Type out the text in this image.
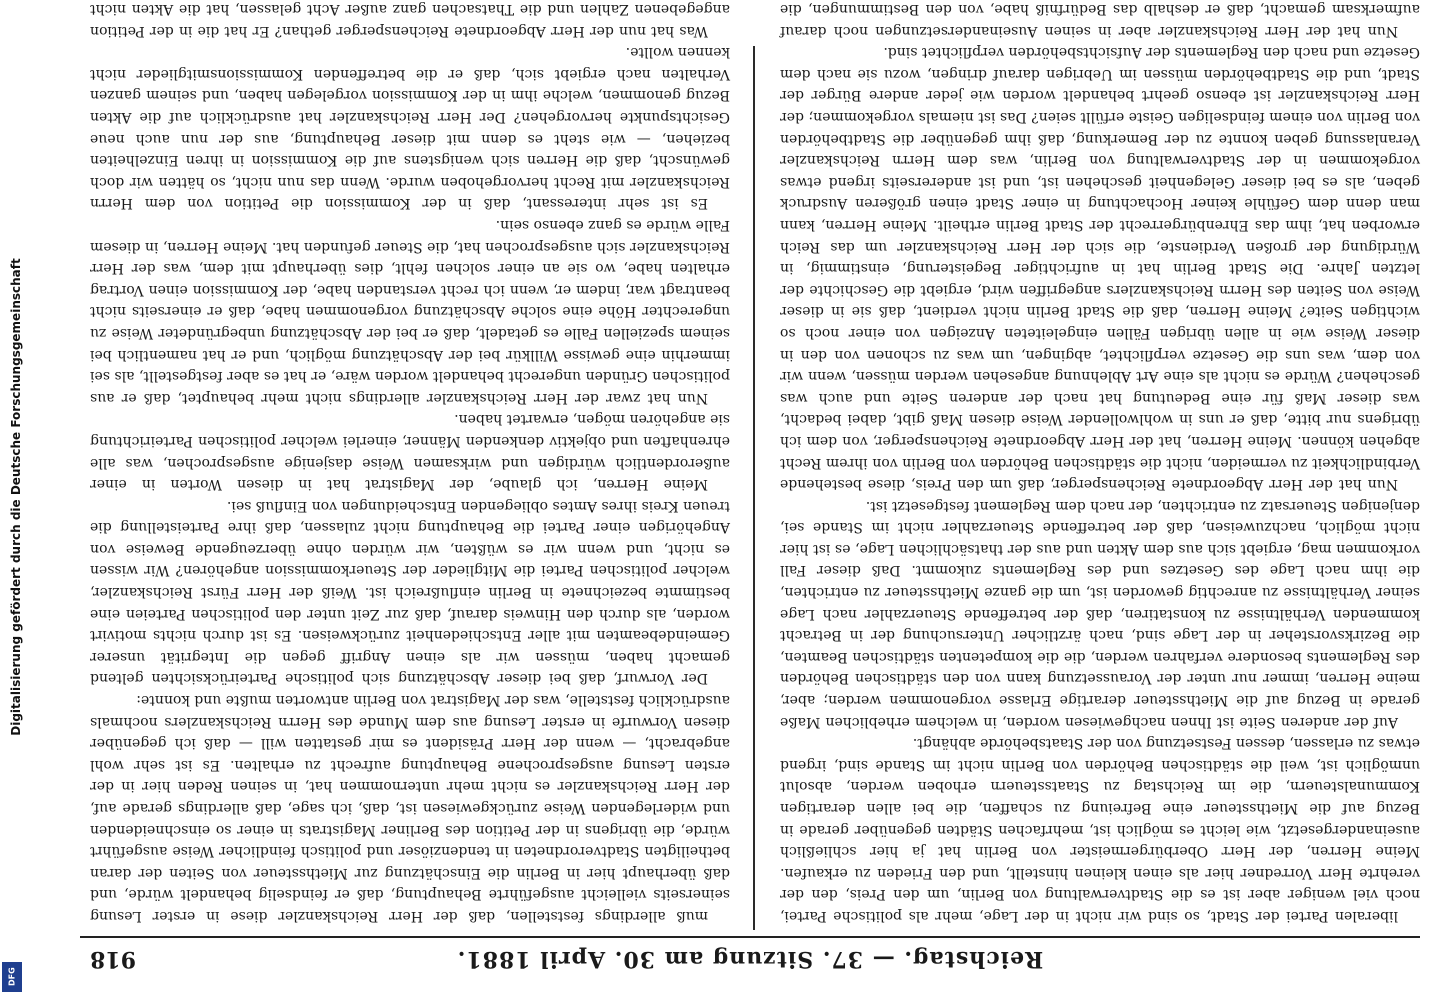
Reichstag. — 37. Sitzung am 30. April 1881.
918

liberalen Partei der Stadt, so sind wir nicht in der Lage, mehr als politische Partei, noch viel weniger aber ist es die Stadtverwaltung von Berlin, um den Preis, den der verehrte Herr Vorredner hier als einen kleinen hinstellt, und den Frieden zu erkaufen. Meine Herren, der Herr Oberbürgermeister von Berlin hat ja hier schließlich auseinandergesetzt, wie leicht es möglich ist, mehrfachen Städten gegenüber gerade in Bezug auf die Miethssteuer eine Befreiung zu schaffen, die bei allen derartigen Kommunalsteuern, die im Reichstag zu Staatssteuern erhoben werden, absolut unmöglich ist, weil die städtischen Behörden von Berlin nicht im Stande sind, irgend etwas zu erlassen, dessen Festsetzung von der Staatsbehörde abhängt.

Auf der anderen Seite ist Ihnen nachgewiesen worden, in welchem erheblichen Maße gerade in Bezug auf die Miethssteuer derartige Erlasse vorgenommen werden; aber, meine Herren, immer nur unter der Voraussetzung kann von den städtischen Behörden des Reglements besondere verfahren werden, die die kompetenten städtischen Beamten, die Bezirksvorsteher in der Lage sind, nach ärztlicher Untersuchung der in Betracht kommenden Verhältnisse zu konstatiren, daß der betreffende Steuerzahler nach Lage seiner Verhältnisse zu anrechtig geworden ist, um die ganze Miethssteuer zu entrichten, die ihm nach Lage des Gesetzes und des Reglements zukommt. Daß dieser Fall vorkommen mag, ergiebt sich aus dem Akten und aus der thatsächlichen Lage, es ist hier nicht möglich, nachzuweisen, daß der betreffende Steuerzahler nicht im Stande sei, denjenigen Steuersatz zu entrichten, der nach dem Reglement festgesetzt ist.

Nun hat der Herr Abgeordnete Reichensperger, daß um den Preis, diese bestehende Verbindlichkeit zu vermeiden, nicht die städtischen Behörden von Berlin von ihrem Recht abgehen können. Meine Herren, hat der Herr Abgeordnete Reichensperger, von dem ich übrigens nur bitte, daß er uns in wohlwollender Weise diesen Maß gibt, dabei bedacht, was dieser Maß für eine Bedeutung hat nach der anderen Seite und auch was geschehen? Würde es nicht als eine Art Ablehnung angesehen werden müssen, wenn wir von dem, was uns die Gesetze verpflichtet, abgingen, um was zu schonen von den in dieser Weise wie in allen übrigen Fällen eingeleiteten Anzeigen von einer noch so wichtigen Seite? Meine Herren, daß die Stadt Berlin nicht verdient, daß sie in dieser Weise von Seiten des Herrn Reichskanzlers angegriffen wird, ergiebt die Geschichte der letzten Jahre. Die Stadt Berlin hat in aufrichtiger Begeisterung, einstimmig, in Würdigung der großen Verdienste, die sich der Herr Reichskanzler um das Reich erworben hat, ihm das Ehrenbürgerrecht der Stadt Berlin ertheilt. Meine Herren, kann man denn dem Gefühle keiner Hochachtung in einer Stadt einen größeren Ausdruck geben, als es bei dieser Gelegenheit geschehen ist, und ist andererseits irgend etwas vorgekommen in der Stadtverwaltung von Berlin, was dem Herrn Reichskanzler Veranlassung geben konnte zu der Bemerkung, daß ihm gegenüber die Stadtbehörden von Berlin von einem feindseligen Geiste erfüllt seien? Das ist niemals vorgekommen; der Herr Reichskanzler ist ebenso geehrt behandelt worden wie jeder andere Bürger der Stadt, und die Stadtbehörden müssen im Uebrigen darauf dringen, wozu sie nach dem Gesetze und nach den Reglements der Aufsichtsbehörden verpflichtet sind.

Nun hat der Herr Reichskanzler aber in seinen Auseinandersetzungen noch darauf aufmerksam gemacht, daß er deshalb das Bedürfniß habe, von den Bestimmungen, die

muß allerdings feststellen, daß der Herr Reichskanzler diese in erster Lesung seinerseits vielleicht ausgeführte Behauptung, daß er feindselig behandelt würde, und daß überhaupt hier in Berlin die Einschätzung zur Miethssteuer von Seiten der daran betheiligten Stadtverordneten in tendenziöser und politisch feindlicher Weise ausgeführt würde, die übrigens in der Petition des Berliner Magistrats in einer so einschneidenden und widerlegenden Weise zurückgewiesen ist, daß, ich sage, daß allerdings gerade auf, der Herr Reichskanzler es nicht mehr unternommen hat, in seinen Reden hier in der ersten Lesung ausgesprochene Behauptung aufrecht zu erhalten. Es ist sehr wohl angebracht, — wenn der Herr Präsident es mir gestatten will — daß ich gegenüber diesen Vorwurfe in erster Lesung aus dem Munde des Herrn Reichskanzlers nochmals ausdrücklich feststelle, was der Magistrat von Berlin antworten mußte und konnte:

Der Vorwurf, daß bei dieser Abschätzung sich politische Parteirücksichten geltend gemacht haben, müssen wir als einen Angriff gegen die Integrität unserer Gemeindebeamten mit aller Entschiedenheit zurückweisen. Es ist durch nichts motivirt worden, als durch den Hinweis darauf, daß zur Zeit unter den politischen Parteien eine bestimmte bezeichnete in Berlin einflußreich ist. Weiß der Herr Fürst Reichskanzler, welcher politischen Partei die Mitglieder der Steuerkommission angehören? Wir wissen es nicht, und wenn wir es wüßten, wir würden ohne überzeugende Beweise von Angehörigen einer Partei die Behauptung nicht zulassen, daß ihre Parteistellung die treuen Kreis ihres Amtes obliegenden Entscheidungen von Einfluß sei.

Meine Herren, ich glaube, der Magistrat hat in diesen Worten in einer außerordentlich würdigen und wirksamen Weise dasjenige ausgesprochen, was alle ehrenhaften und objektiv denkenden Männer, einerlei welcher politischen Parteirichtung sie angehören mögen, erwartet haben.

Nun hat zwar der Herr Reichskanzler allerdings nicht mehr behauptet, daß er aus politischen Gründen ungerecht behandelt worden wäre, er hat es aber festgestellt, als sei immerhin eine gewisse Willkür bei der Abschätzung möglich, und er hat namentlich bei seinem speziellen Falle es getadelt, daß er bei der Abschätzung unbegründeter Weise zu ungerechter Höhe eine solche Abschätzung vorgenommen habe, daß er einerseits nicht beantragt war, indem er, wenn ich recht verstanden habe, der Kommission einen Vortrag erhalten habe, wo sie an einer solchen fehlt, dies überhaupt mit dem, was der Herr Reichskanzler sich ausgesprochen hat, die Steuer gefunden hat. Meine Herren, in diesem Falle würde es ganz ebenso sein.

Es ist sehr interessant, daß in der Kommission die Petition von dem Herrn Reichskanzler mit Recht hervorgehoben wurde. Wenn das nun nicht, so hätten wir doch gewünscht, daß die Herren sich wenigstens auf die Kommission in ihren Einzelheiten beziehen, — wie steht es denn mit dieser Behauptung, aus der nun auch neue Gesichtspunkte hervorgehen? Der Herr Reichskanzler hat ausdrücklich auf die Akten Bezug genommen, welche ihm in der Kommission vorgelegen haben, und seinem ganzen Verhalten nach ergiebt sich, daß er die betreffenden Kommissionsmitglieder nicht kennen wollte.

Was hat nun der Herr Abgeordnete Reichensperger gethan? Er hat die in der Petition angegebenen Zahlen und die Thatsachen ganz außer Acht gelassen, hat die Akten nicht

Digitalisierung gefördert durch die Deutsche Forschungsgemeinschaft
DFG
